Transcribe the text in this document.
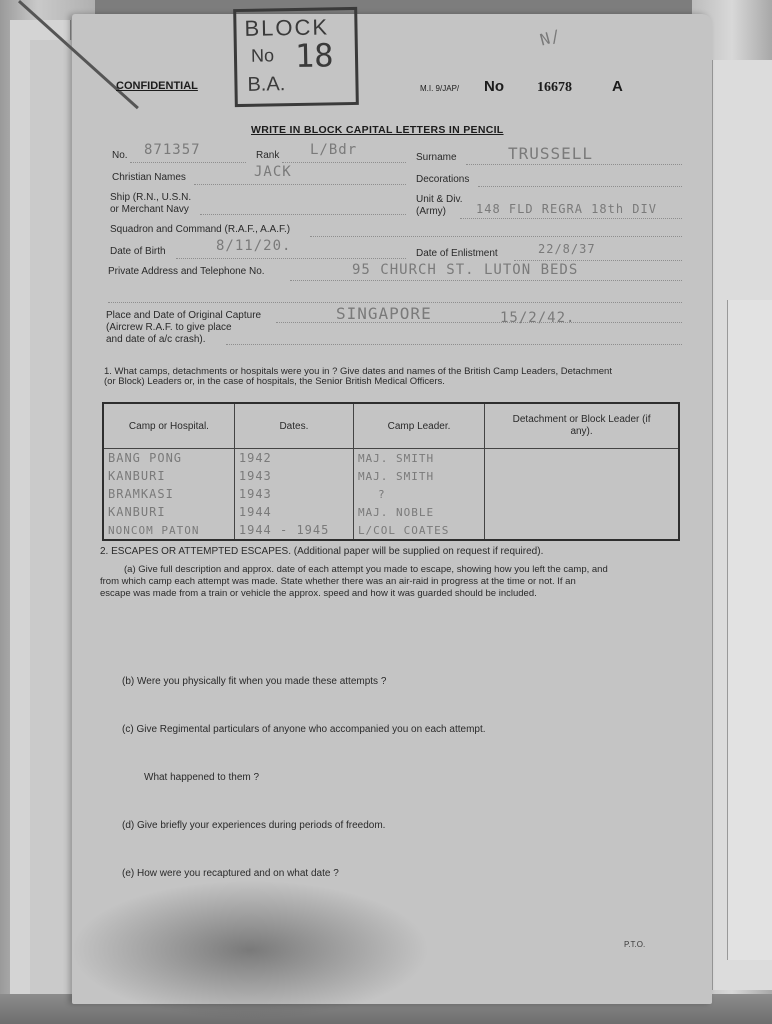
BLOCK
No 18
B.A.
N/
CONFIDENTIAL	M.I. 9/JAP/ No 16678	A
WRITE IN BLOCK CAPITAL LETTERS IN PENCIL
No. 871357	Rank L/Bdr	Surname	TRUSSELL
Christian Names	JACK	Decorations
Ship (R.N., U.S.N.
or Merchant Navy
Unit & Div.
(Army)	148 FLD REGRA 18th DIV
Squadron and Command (R.A.F., A.A.F.)
Date of Birth	8/11/20.	Date of Enlistment	22/8/37
Private Address and Telephone No.	95 CHURCH ST. LUTON BEDS
Place and Date of Original Capture
(Aircrew R.A.F. to give place
and date of a/c crash).
SINGAPORE	15/2/42.
1. What camps, detachments or hospitals were you in ? Give dates and names of the British Camp Leaders, Detachment
(or Block) Leaders or, in the case of hospitals, the Senior British Medical Officers.
Camp or Hospital.	Dates.	Camp Leader.	Detachment or Block Leader (if any).
BANG PONG	1942	MAJ. SMITH	
KANBURI	1943	MAJ. SMITH	
BRAMKASI	1943	?	
KANBURI	1944	MAJ. NOBLE	
NONCOM PATON	1944 - 1945	L/COL COATES	
2. ESCAPES OR ATTEMPTED ESCAPES. (Additional paper will be supplied on request if required).
(a) Give full description and approx. date of each attempt you made to escape, showing how you left the camp, and
from which camp each attempt was made. State whether there was an air-raid in progress at the time or not. If an
escape was made from a train or vehicle the approx. speed and how it was guarded should be included.
(b) Were you physically fit when you made these attempts ?
(c) Give Regimental particulars of anyone who accompanied you on each attempt.
What happened to them ?
(d) Give briefly your experiences during periods of freedom.
(e) How were you recaptured and on what date ?
P.T.O.
